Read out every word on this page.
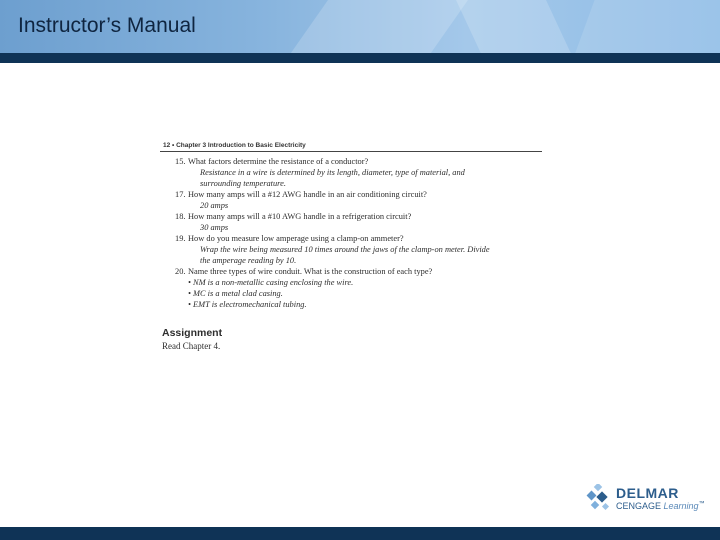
Instructor’s Manual
12 • Chapter 3 Introduction to Basic Electricity
15. What factors determine the resistance of a conductor?
Resistance in a wire is determined by its length, diameter, type of material, and
surrounding temperature.
17. How many amps will a #12 AWG handle in an air conditioning circuit?
20 amps
18. How many amps will a #10 AWG handle in a refrigeration circuit?
30 amps
19. How do you measure low amperage using a clamp-on ammeter?
Wrap the wire being measured 10 times around the jaws of the clamp-on meter. Divide
the amperage reading by 10.
20. Name three types of wire conduit. What is the construction of each type?
• NM is a non-metallic casing enclosing the wire.
• MC is a metal clad casing.
• EMT is electromechanical tubing.
Assignment
Read Chapter 4.
DELMAR
CENGAGE Learning™
